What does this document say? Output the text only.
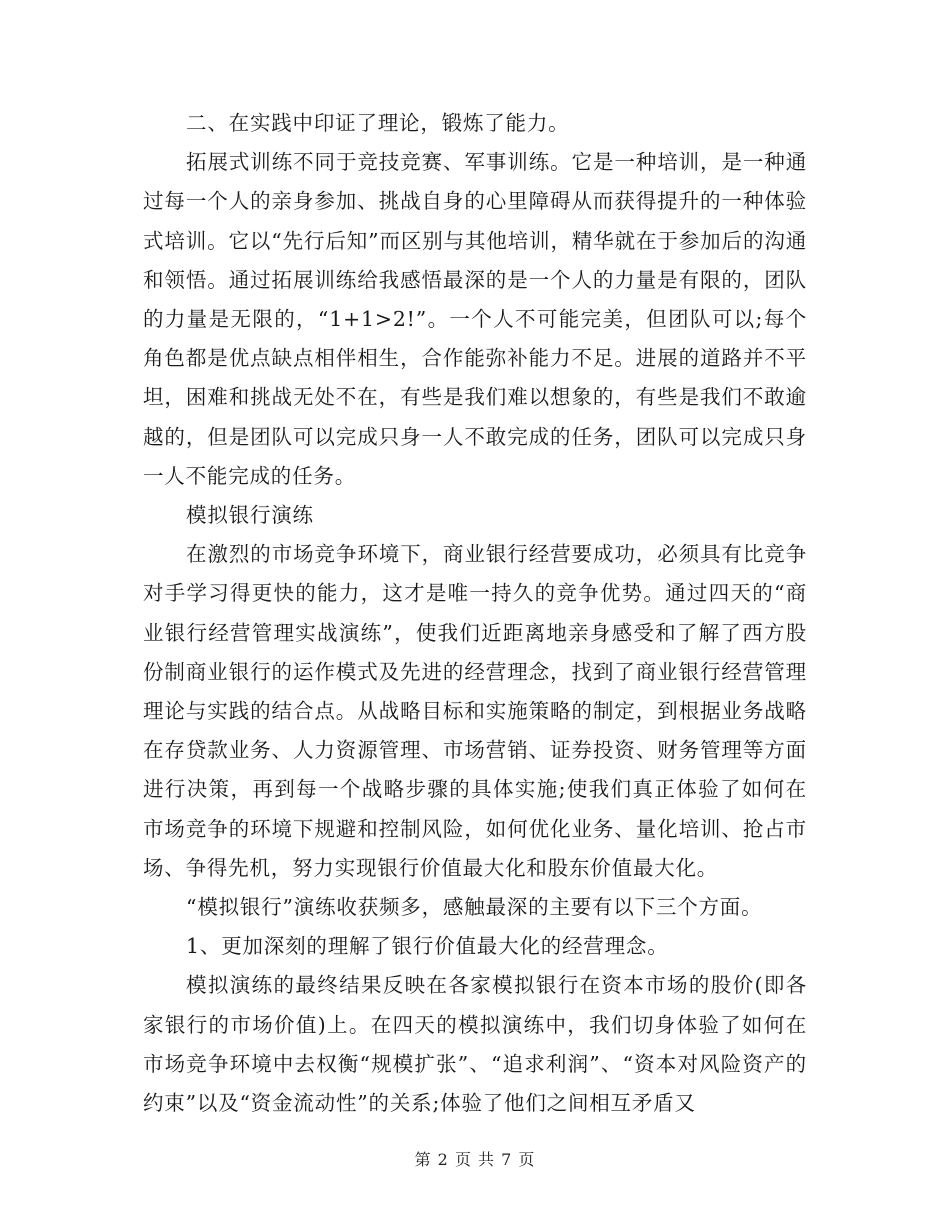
二、在实践中印证了理论，锻炼了能力。

拓展式训练不同于竞技竞赛、军事训练。它是一种培训，是一种通过每一个人的亲身参加、挑战自身的心里障碍从而获得提升的一种体验式培训。它以“先行后知”而区别与其他培训，精华就在于参加后的沟通和领悟。通过拓展训练给我感悟最深的是一个人的力量是有限的，团队的力量是无限的，“1+1>2!”。一个人不可能完美，但团队可以;每个角色都是优点缺点相伴相生，合作能弥补能力不足。进展的道路并不平坦，困难和挑战无处不在，有些是我们难以想象的，有些是我们不敢逾越的，但是团队可以完成只身一人不敢完成的任务，团队可以完成只身一人不能完成的任务。

模拟银行演练

在激烈的市场竞争环境下，商业银行经营要成功，必须具有比竞争对手学习得更快的能力，这才是唯一持久的竞争优势。通过四天的“商业银行经营管理实战演练”，使我们近距离地亲身感受和了解了西方股份制商业银行的运作模式及先进的经营理念，找到了商业银行经营管理理论与实践的结合点。从战略目标和实施策略的制定，到根据业务战略在存贷款业务、人力资源管理、市场营销、证券投资、财务管理等方面进行决策，再到每一个战略步骤的具体实施;使我们真正体验了如何在市场竞争的环境下规避和控制风险，如何优化业务、量化培训、抢占市场、争得先机，努力实现银行价值最大化和股东价值最大化。

“模拟银行”演练收获频多，感触最深的主要有以下三个方面。

1、更加深刻的理解了银行价值最大化的经营理念。

模拟演练的最终结果反映在各家模拟银行在资本市场的股价(即各家银行的市场价值)上。在四天的模拟演练中，我们切身体验了如何在市场竞争环境中去权衡“规模扩张”、“追求利润”、“资本对风险资产的约束”以及“资金流动性”的关系;体验了他们之间相互矛盾又

第 2 页 共 7 页
